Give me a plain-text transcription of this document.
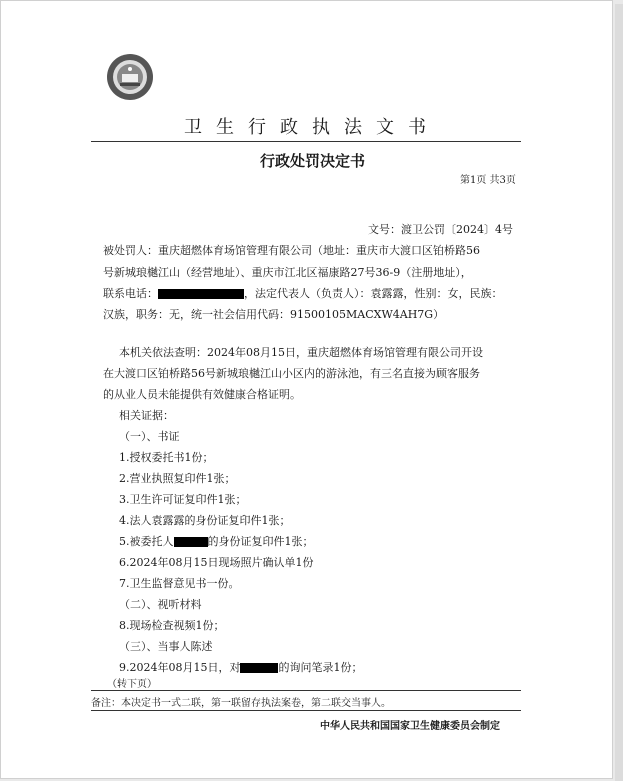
卫生行政执法文书
行政处罚决定书
第1页 共3页
文号：渡卫公罚〔2024〕4号
被处罚人：重庆超燃体育场馆管理有限公司（地址：重庆市大渡口区铂桥路56
号新城琅樾江山（经营地址）、重庆市江北区福康路27号36-9（注册地址），
联系电话：	，法定代表人（负责人）：袁露露，性别：女，民族：
汉族，职务：无，统一社会信用代码：91500105MACXW4AH7G）
本机关依法查明：2024年08月15日，重庆超燃体育场馆管理有限公司开设
在大渡口区铂桥路56号新城琅樾江山小区内的游泳池，有三名直接为顾客服务
的从业人员未能提供有效健康合格证明。
相关证据：
（一）、书证
1.授权委托书1份；
2.营业执照复印件1张；
3.卫生许可证复印件1张；
4.法人袁露露的身份证复印件1张；
5.被委托人	的身份证复印件1张；
6.2024年08月15日现场照片确认单1份
7.卫生监督意见书一份。
（二）、视听材料
8.现场检查视频1份；
（三）、当事人陈述
9.2024年08月15日，对	的询问笔录1份；
（转下页）
备注：本决定书一式二联，第一联留存执法案卷，第二联交当事人。
中华人民共和国国家卫生健康委员会制定
